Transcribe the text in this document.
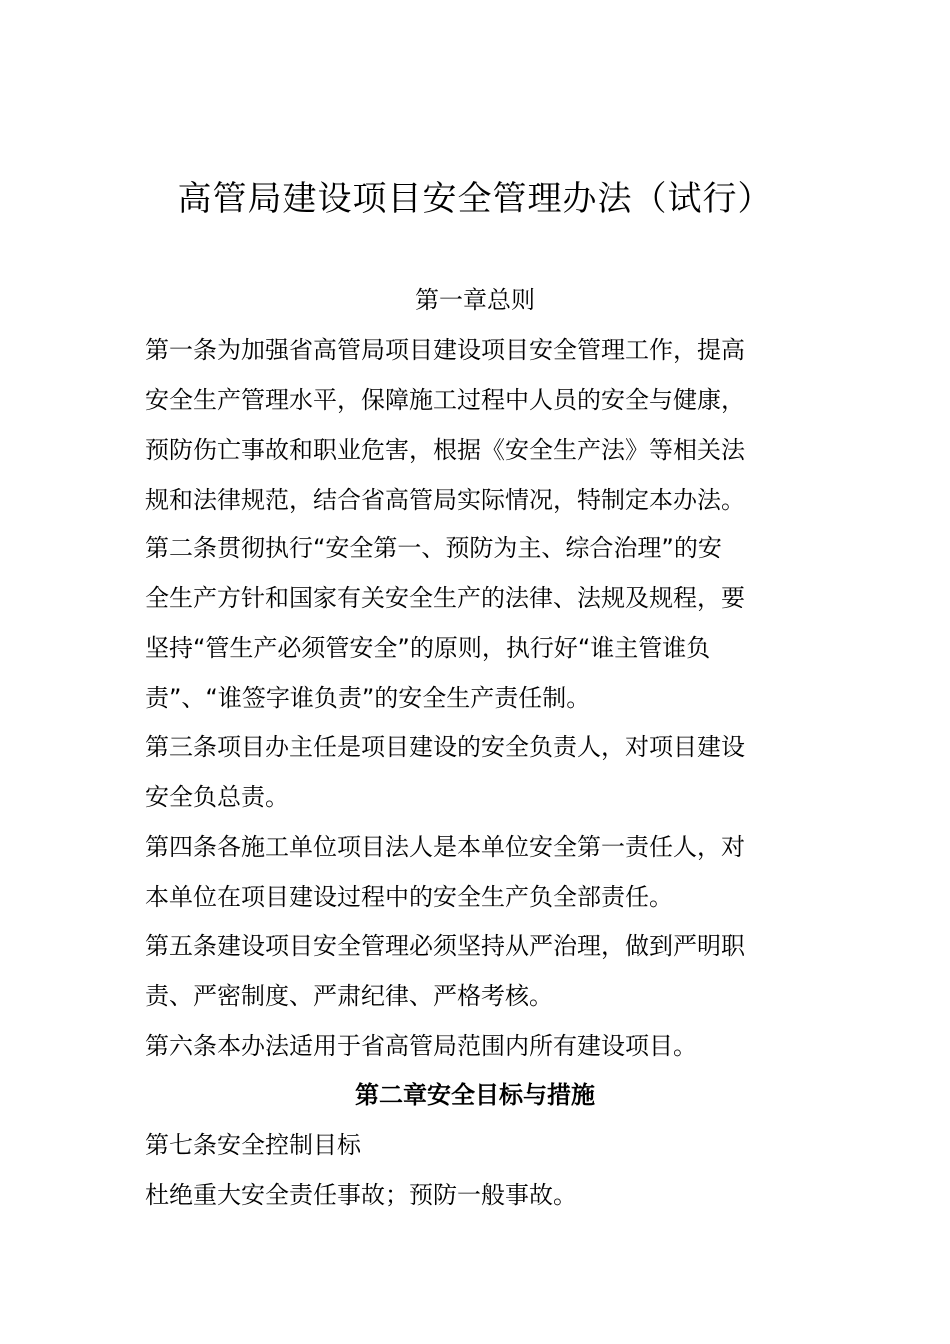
高管局建设项目安全管理办法（试行）
第一章总则
第一条为加强省高管局项目建设项目安全管理工作，提高
安全生产管理水平，保障施工过程中人员的安全与健康，
预防伤亡事故和职业危害，根据《安全生产法》等相关法
规和法律规范，结合省高管局实际情况，特制定本办法。
第二条贯彻执行“安全第一、预防为主、综合治理”的安
全生产方针和国家有关安全生产的法律、法规及规程，要
坚持“管生产必须管安全”的原则，执行好“谁主管谁负
责”、“谁签字谁负责”的安全生产责任制。
第三条项目办主任是项目建设的安全负责人，对项目建设
安全负总责。
第四条各施工单位项目法人是本单位安全第一责任人，对
本单位在项目建设过程中的安全生产负全部责任。
第五条建设项目安全管理必须坚持从严治理，做到严明职
责、严密制度、严肃纪律、严格考核。
第六条本办法适用于省高管局范围内所有建设项目。
第二章安全目标与措施
第七条安全控制目标
杜绝重大安全责任事故；预防一般事故。
